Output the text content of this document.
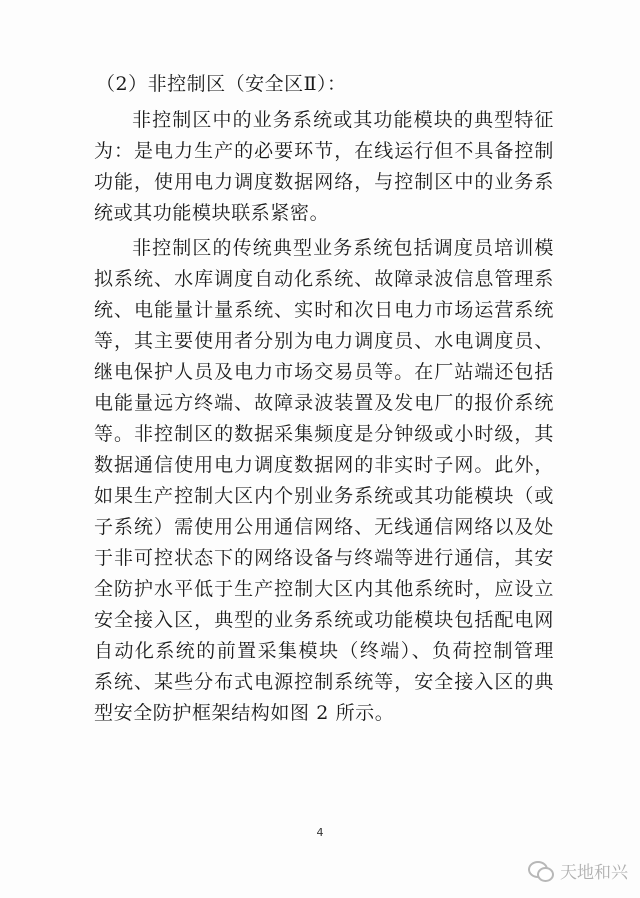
（2）非控制区（安全区Ⅱ）：

非控制区中的业务系统或其功能模块的典型特征为：是电力生产的必要环节，在线运行但不具备控制功能，使用电力调度数据网络，与控制区中的业务系统或其功能模块联系紧密。

非控制区的传统典型业务系统包括调度员培训模拟系统、水库调度自动化系统、故障录波信息管理系统、电能量计量系统、实时和次日电力市场运营系统等，其主要使用者分别为电力调度员、水电调度员、继电保护人员及电力市场交易员等。在厂站端还包括电能量远方终端、故障录波装置及发电厂的报价系统等。非控制区的数据采集频度是分钟级或小时级，其数据通信使用电力调度数据网的非实时子网。此外，如果生产控制大区内个别业务系统或其功能模块（或子系统）需使用公用通信网络、无线通信网络以及处于非可控状态下的网络设备与终端等进行通信，其安全防护水平低于生产控制大区内其他系统时，应设立安全接入区，典型的业务系统或功能模块包括配电网自动化系统的前置采集模块（终端）、负荷控制管理系统、某些分布式电源控制系统等，安全接入区的典型安全防护框架结构如图 2 所示。

4
天地和兴
